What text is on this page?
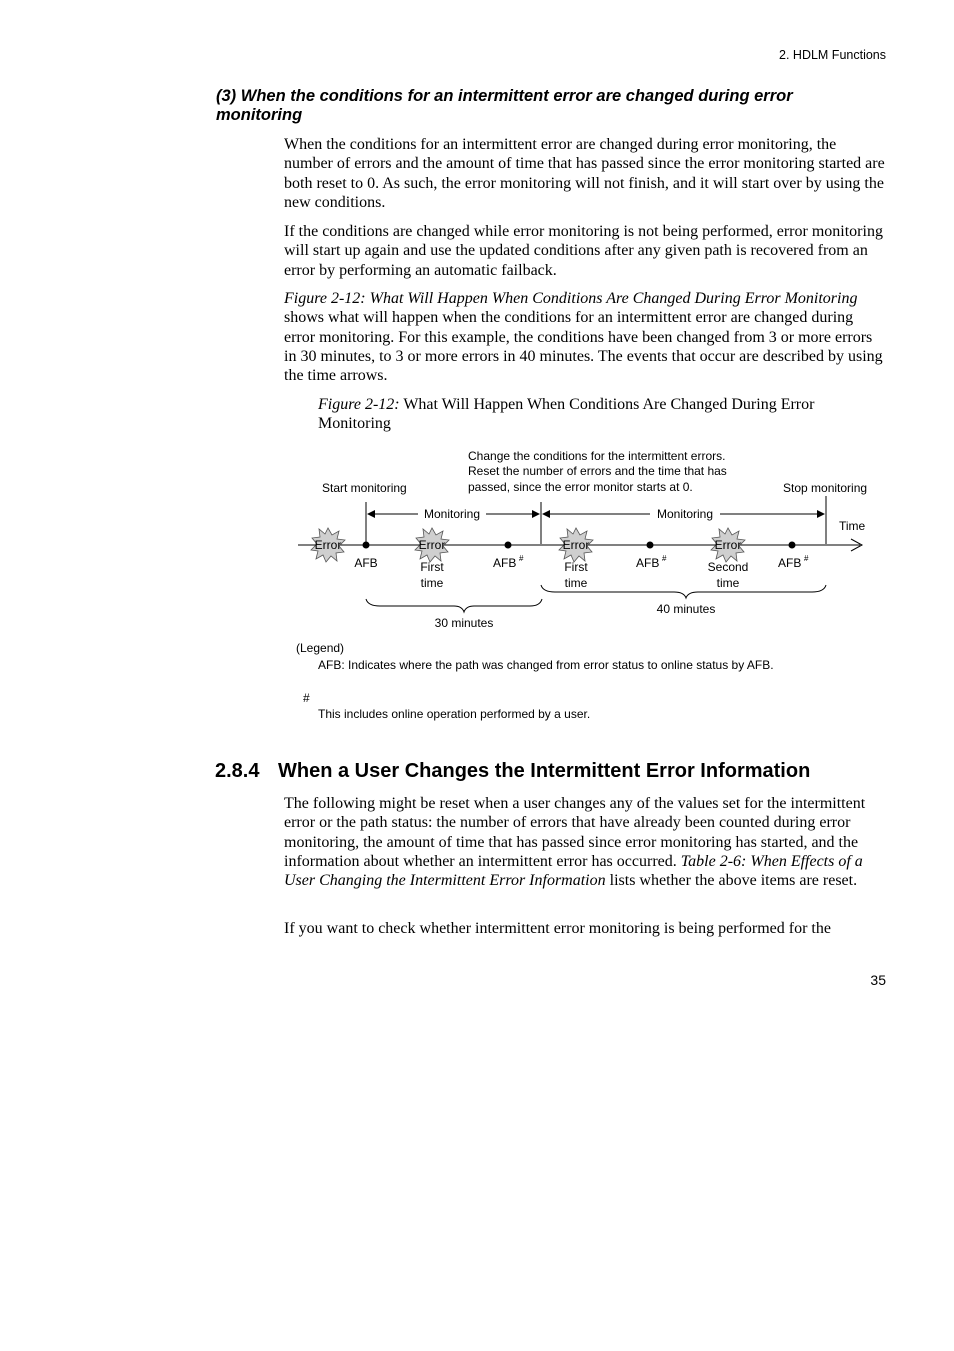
2. HDLM Functions
(3) When the conditions for an intermittent error are changed during error monitoring

When the conditions for an intermittent error are changed during error monitoring, the number of errors and the amount of time that has passed since the error monitoring started are both reset to 0. As such, the error monitoring will not finish, and it will start over by using the new conditions.

If the conditions are changed while error monitoring is not being performed, error monitoring will start up again and use the updated conditions after any given path is recovered from an error by performing an automatic failback.

Figure 2-12: What Will Happen When Conditions Are Changed During Error Monitoring shows what will happen when the conditions for an intermittent error are changed during error monitoring. For this example, the conditions have been changed from 3 or more errors in 30 minutes, to 3 or more errors in 40 minutes. The events that occur are described by using the time arrows.

Figure 2-12: What Will Happen When Conditions Are Changed During Error Monitoring

Change the conditions for the intermittent errors.
Reset the number of errors and the time that has
passed, since the error monitor starts at 0.
Start monitoring	Stop monitoring
Monitoring	Monitoring
Time
Error	Error	Error	Error
AFB	AFB #	AFB #	AFB #
First
time
First
time
Second
time
40 minutes
30 minutes
(Legend)
AFB: Indicates where the path was changed from error status to online status by AFB.
#
This includes online operation performed by a user.
2.8.4 When a User Changes the Intermittent Error Information

The following might be reset when a user changes any of the values set for the intermittent error or the path status: the number of errors that have already been counted during error monitoring, the amount of time that has passed since error monitoring has started, and the information about whether an intermittent error has occurred. Table 2-6: When Effects of a User Changing the Intermittent Error Information lists whether the above items are reset.

If you want to check whether intermittent error monitoring is being performed for the

35
